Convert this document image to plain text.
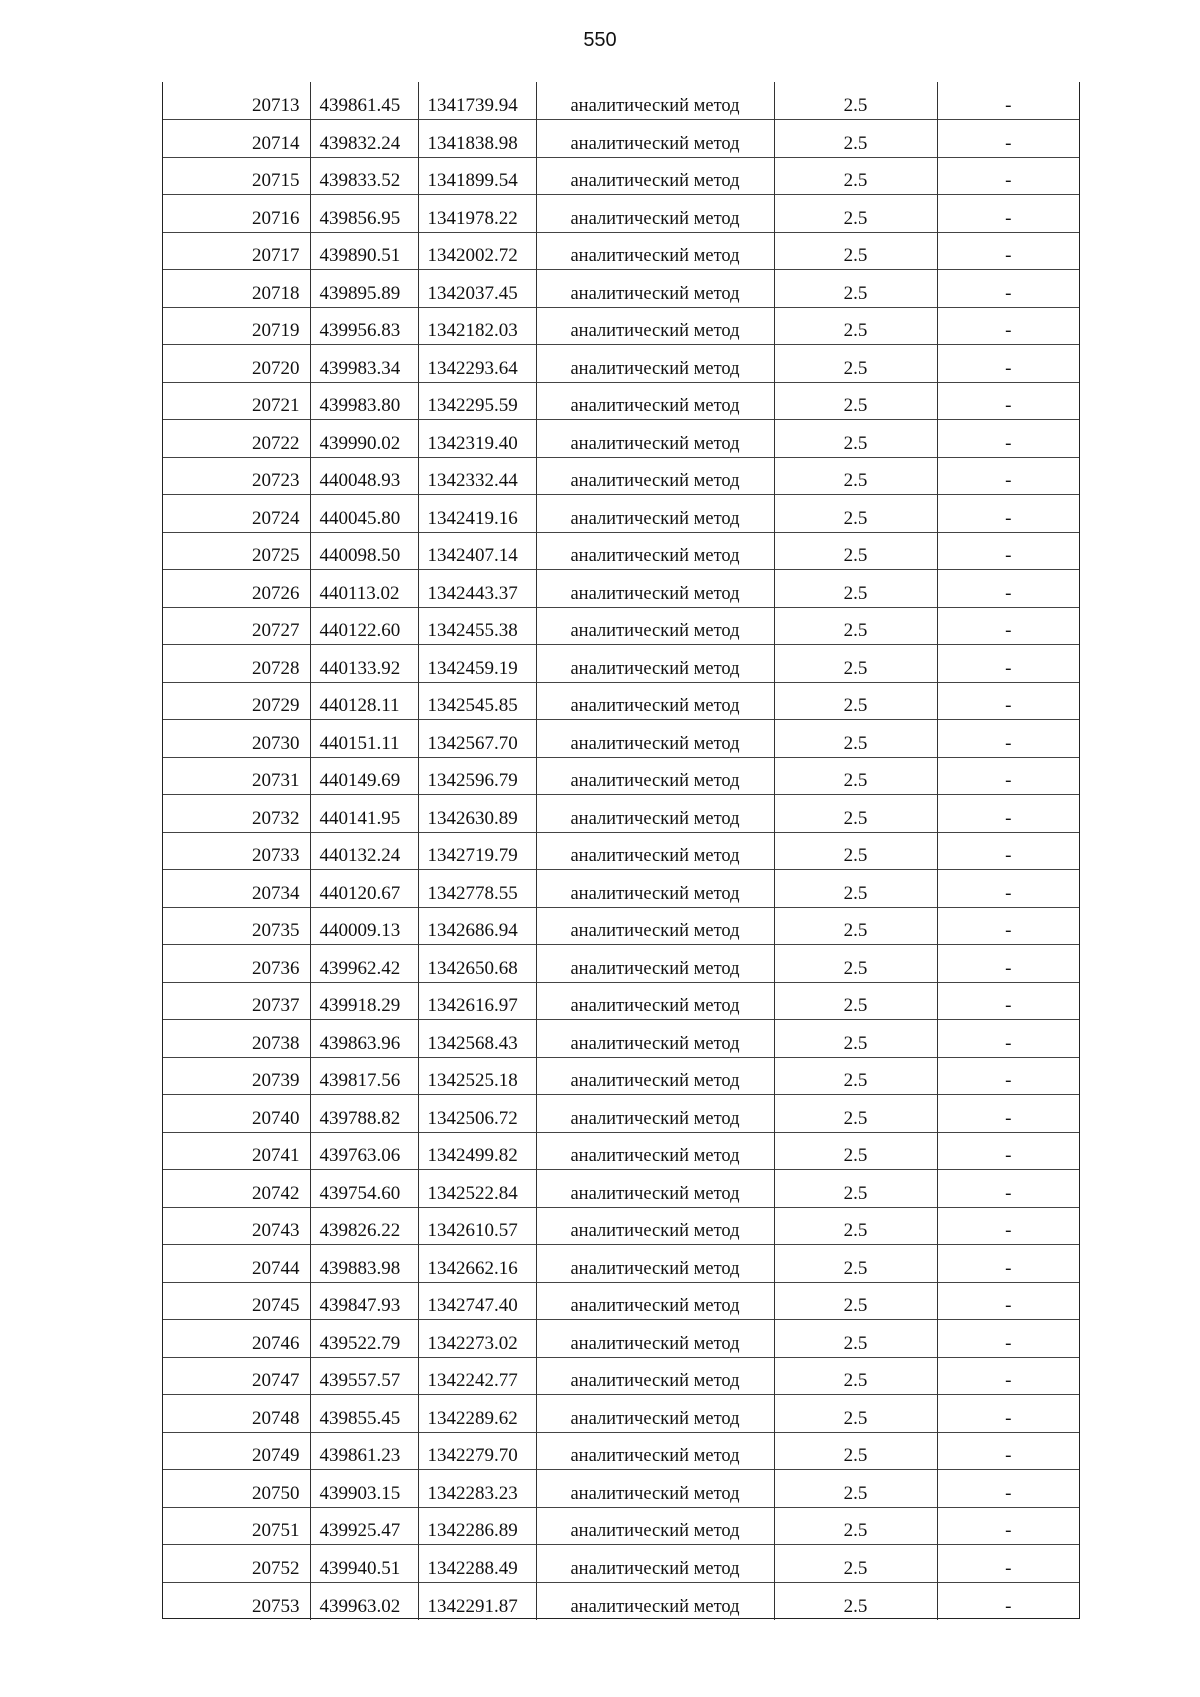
550
20713	439861.45	1341739.94	аналитический метод	2.5	-
20714	439832.24	1341838.98	аналитический метод	2.5	-
20715	439833.52	1341899.54	аналитический метод	2.5	-
20716	439856.95	1341978.22	аналитический метод	2.5	-
20717	439890.51	1342002.72	аналитический метод	2.5	-
20718	439895.89	1342037.45	аналитический метод	2.5	-
20719	439956.83	1342182.03	аналитический метод	2.5	-
20720	439983.34	1342293.64	аналитический метод	2.5	-
20721	439983.80	1342295.59	аналитический метод	2.5	-
20722	439990.02	1342319.40	аналитический метод	2.5	-
20723	440048.93	1342332.44	аналитический метод	2.5	-
20724	440045.80	1342419.16	аналитический метод	2.5	-
20725	440098.50	1342407.14	аналитический метод	2.5	-
20726	440113.02	1342443.37	аналитический метод	2.5	-
20727	440122.60	1342455.38	аналитический метод	2.5	-
20728	440133.92	1342459.19	аналитический метод	2.5	-
20729	440128.11	1342545.85	аналитический метод	2.5	-
20730	440151.11	1342567.70	аналитический метод	2.5	-
20731	440149.69	1342596.79	аналитический метод	2.5	-
20732	440141.95	1342630.89	аналитический метод	2.5	-
20733	440132.24	1342719.79	аналитический метод	2.5	-
20734	440120.67	1342778.55	аналитический метод	2.5	-
20735	440009.13	1342686.94	аналитический метод	2.5	-
20736	439962.42	1342650.68	аналитический метод	2.5	-
20737	439918.29	1342616.97	аналитический метод	2.5	-
20738	439863.96	1342568.43	аналитический метод	2.5	-
20739	439817.56	1342525.18	аналитический метод	2.5	-
20740	439788.82	1342506.72	аналитический метод	2.5	-
20741	439763.06	1342499.82	аналитический метод	2.5	-
20742	439754.60	1342522.84	аналитический метод	2.5	-
20743	439826.22	1342610.57	аналитический метод	2.5	-
20744	439883.98	1342662.16	аналитический метод	2.5	-
20745	439847.93	1342747.40	аналитический метод	2.5	-
20746	439522.79	1342273.02	аналитический метод	2.5	-
20747	439557.57	1342242.77	аналитический метод	2.5	-
20748	439855.45	1342289.62	аналитический метод	2.5	-
20749	439861.23	1342279.70	аналитический метод	2.5	-
20750	439903.15	1342283.23	аналитический метод	2.5	-
20751	439925.47	1342286.89	аналитический метод	2.5	-
20752	439940.51	1342288.49	аналитический метод	2.5	-
20753	439963.02	1342291.87	аналитический метод	2.5	-
